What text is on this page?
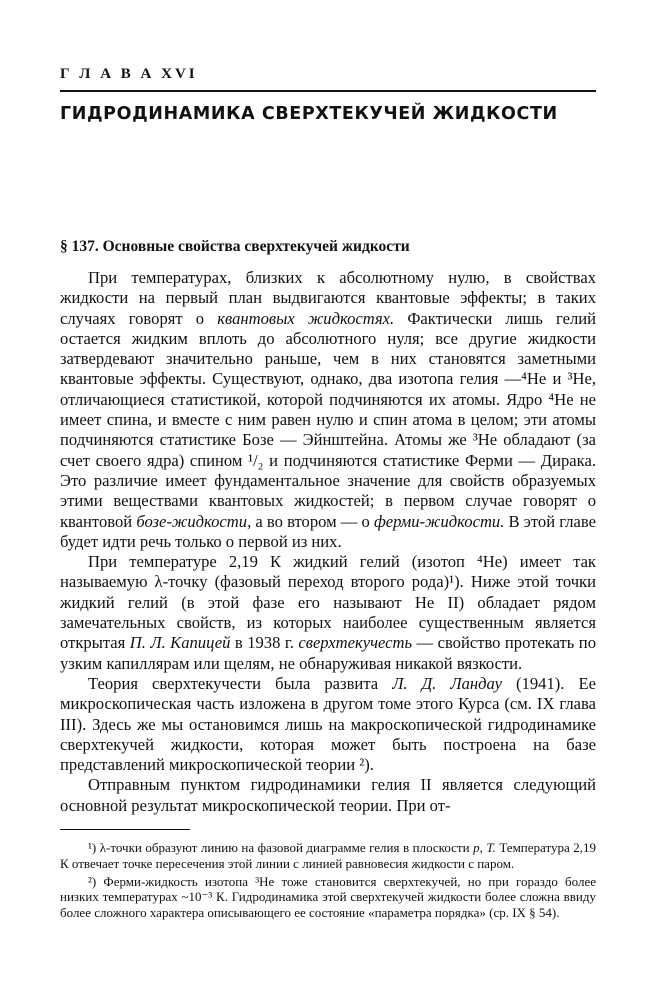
Г Л А В А XVI
ГИДРОДИНАМИКА СВЕРХТЕКУЧЕЙ ЖИДКОСТИ
§ 137. Основные свойства сверхтекучей жидкости

При температурах, близких к абсолютному нулю, в свойствах жидкости на первый план выдвигаются квантовые эффекты; в таких случаях говорят о квантовых жидкостях. Фактически лишь гелий остается жидким вплоть до абсолютного нуля; все другие жидкости затвердевают значительно раньше, чем в них становятся заметными квантовые эффекты. Существуют, однако, два изотопа гелия —⁴He и ³He, отличающиеся статистикой, которой подчиняются их атомы. Ядро ⁴He не имеет спина, и вместе с ним равен нулю и спин атома в целом; эти атомы подчиняются статистике Бозе — Эйнштейна. Атомы же ³He обладают (за счет своего ядра) спином ¹/₂ и подчиняются статистике Ферми — Дирака. Это различие имеет фундаментальное значение для свойств образуемых этими веществами квантовых жидкостей; в первом случае говорят о квантовой бозе-жидкости, а во втором — о ферми-жидкости. В этой главе будет идти речь только о первой из них.

При температуре 2,19 К жидкий гелий (изотоп ⁴He) имеет так называемую λ-точку (фазовый переход второго рода)¹). Ниже этой точки жидкий гелий (в этой фазе его называют He II) обладает рядом замечательных свойств, из которых наиболее существенным является открытая П. Л. Капицей в 1938 г. сверхтекучесть — свойство протекать по узким капиллярам или щелям, не обнаруживая никакой вязкости.

Теория сверхтекучести была развита Л. Д. Ландау (1941). Ее микроскопическая часть изложена в другом томе этого Курса (см. IX глава III). Здесь же мы остановимся лишь на макроскопической гидродинамике сверхтекучей жидкости, которая может быть построена на базе представлений микроскопической теории ²).

Отправным пунктом гидродинамики гелия II является следующий основной результат микроскопической теории. При от-

¹) λ-точки образуют линию на фазовой диаграмме гелия в плоскости p, T. Температура 2,19 К отвечает точке пересечения этой линии с линией равновесия жидкости с паром.

²) Ферми-жидкость изотопа ³He тоже становится сверхтекучей, но при гораздо более низких температурах ~10⁻³ К. Гидродинамика этой сверхтекучей жидкости более сложна ввиду более сложного характера описывающего ее состояние «параметра порядка» (ср. IX § 54).
